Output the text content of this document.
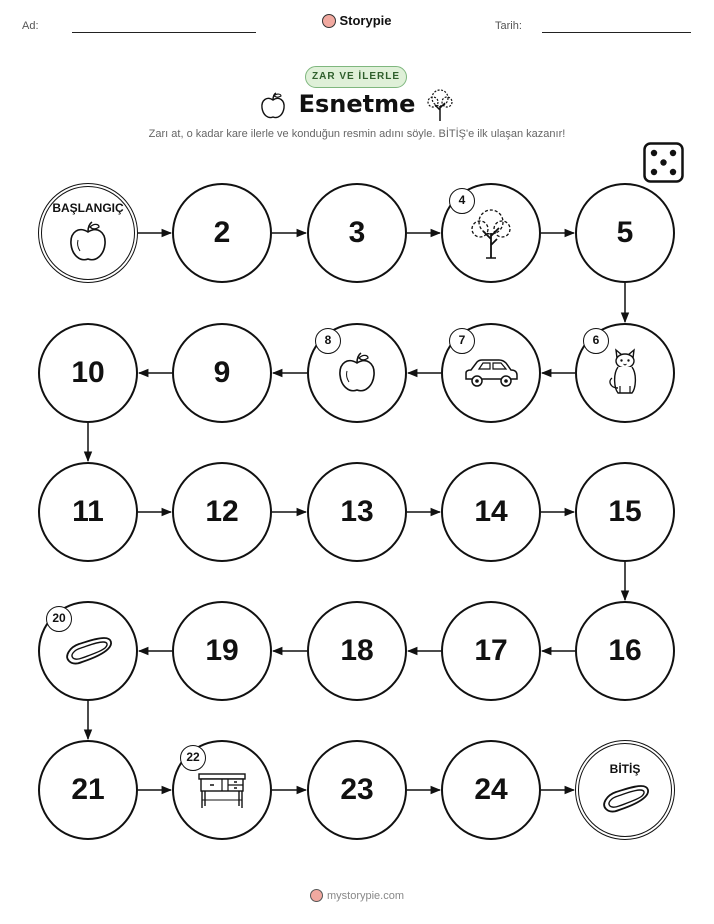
Ad:	Storypie	Tarih:
ZAR VE İLERLE
Esnetme
Zarı at, o kadar kare ilerle ve konduğun resmin adını söyle. BİTİŞ'e ilk ulaşan kazanır!
BAŞLANGIÇ
2	3
4
5
6
7
8
9
10
11	12	13	14	15
16
17
18
19
20
21
22
23	24
BİTİŞ
mystorypie.com
